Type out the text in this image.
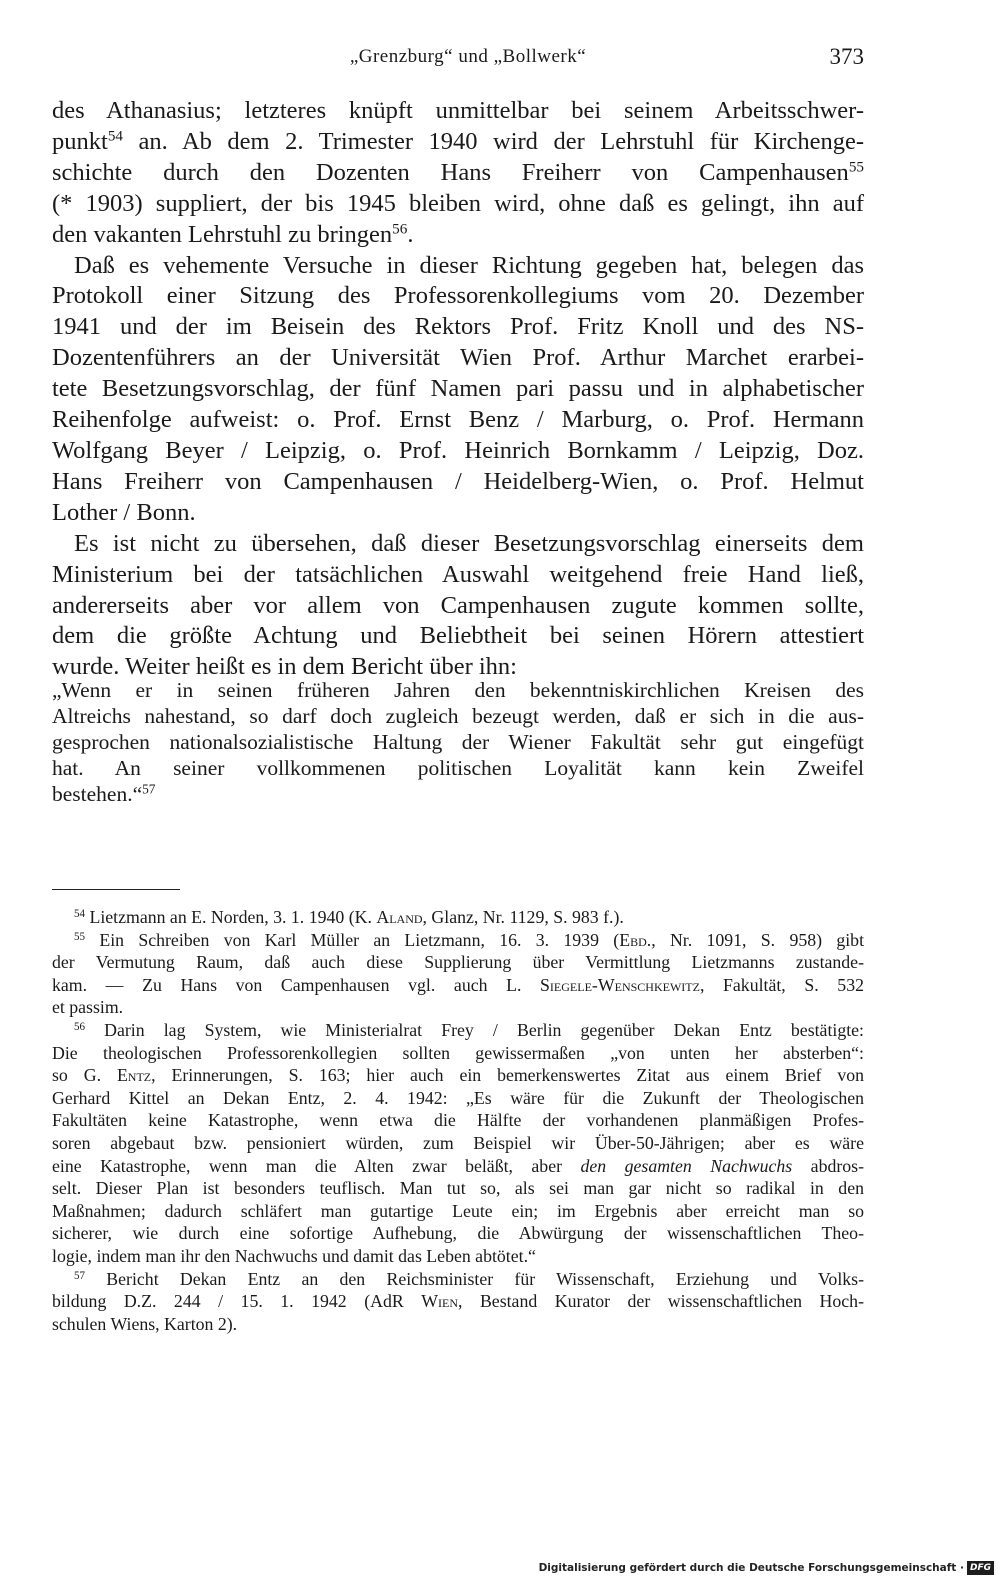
„Grenzburg“ und „Bollwerk“	373
des Athanasius; letzteres knüpft unmittelbar bei seinem Arbeitsschwer-
punkt$^{54}$ an. Ab dem 2. Trimester 1940 wird der Lehrstuhl für Kirchenge-
schichte durch den Dozenten Hans Freiherr von Campenhausen$^{55}$
(* 1903) suppliert, der bis 1945 bleiben wird, ohne daß es gelingt, ihn auf
den vakanten Lehrstuhl zu bringen$^{56}$.
Daß es vehemente Versuche in dieser Richtung gegeben hat, belegen das
Protokoll einer Sitzung des Professorenkollegiums vom 20. Dezember
1941 und der im Beisein des Rektors Prof. Fritz Knoll und des NS-
Dozentenführers an der Universität Wien Prof. Arthur Marchet erarbei-
tete Besetzungsvorschlag, der fünf Namen pari passu und in alphabetischer
Reihenfolge aufweist: o. Prof. Ernst Benz / Marburg, o. Prof. Hermann
Wolfgang Beyer / Leipzig, o. Prof. Heinrich Bornkamm / Leipzig, Doz.
Hans Freiherr von Campenhausen / Heidelberg-Wien, o. Prof. Helmut
Lother / Bonn.
Es ist nicht zu übersehen, daß dieser Besetzungsvorschlag einerseits dem
Ministerium bei der tatsächlichen Auswahl weitgehend freie Hand ließ,
andererseits aber vor allem von Campenhausen zugute kommen sollte,
dem die größte Achtung und Beliebtheit bei seinen Hörern attestiert
wurde. Weiter heißt es in dem Bericht über ihn:
„Wenn er in seinen früheren Jahren den bekenntniskirchlichen Kreisen des
Altreichs nahestand, so darf doch zugleich bezeugt werden, daß er sich in die aus-
gesprochen nationalsozialistische Haltung der Wiener Fakultät sehr gut eingefügt
hat. An seiner vollkommenen politischen Loyalität kann kein Zweifel
bestehen.“$^{57}$
$^{54}$ Lietzmann an E. Norden, 3. 1. 1940 (K. Aland, Glanz, Nr. 1129, S. 983 f.).
$^{55}$ Ein Schreiben von Karl Müller an Lietzmann, 16. 3. 1939 (Ebd., Nr. 1091, S. 958) gibt
der Vermutung Raum, daß auch diese Supplierung über Vermittlung Lietzmanns zustande-
kam. — Zu Hans von Campenhausen vgl. auch L. Siegele-Wenschkewitz, Fakultät, S. 532
et passim.
$^{56}$ Darin lag System, wie Ministerialrat Frey / Berlin gegenüber Dekan Entz bestätigte:
Die theologischen Professorenkollegien sollten gewissermaßen „von unten her absterben“:
so G. Entz, Erinnerungen, S. 163; hier auch ein bemerkenswertes Zitat aus einem Brief von
Gerhard Kittel an Dekan Entz, 2. 4. 1942: „Es wäre für die Zukunft der Theologischen
Fakultäten keine Katastrophe, wenn etwa die Hälfte der vorhandenen planmäßigen Profes-
soren abgebaut bzw. pensioniert würden, zum Beispiel wir Über-50-Jährigen; aber es wäre
eine Katastrophe, wenn man die Alten zwar beläßt, aber den gesamten Nachwuchs abdros-
selt. Dieser Plan ist besonders teuflisch. Man tut so, als sei man gar nicht so radikal in den
Maßnahmen; dadurch schläfert man gutartige Leute ein; im Ergebnis aber erreicht man so
sicherer, wie durch eine sofortige Aufhebung, die Abwürgung der wissenschaftlichen Theo-
logie, indem man ihr den Nachwuchs und damit das Leben abtötet.“
$^{57}$ Bericht Dekan Entz an den Reichsminister für Wissenschaft, Erziehung und Volks-
bildung D.Z. 244 / 15. 1. 1942 (AdR Wien, Bestand Kurator der wissenschaftlichen Hoch-
schulen Wiens, Karton 2).
Digitalisierung gefördert durch die Deutsche Forschungsgemeinschaft · DFG
